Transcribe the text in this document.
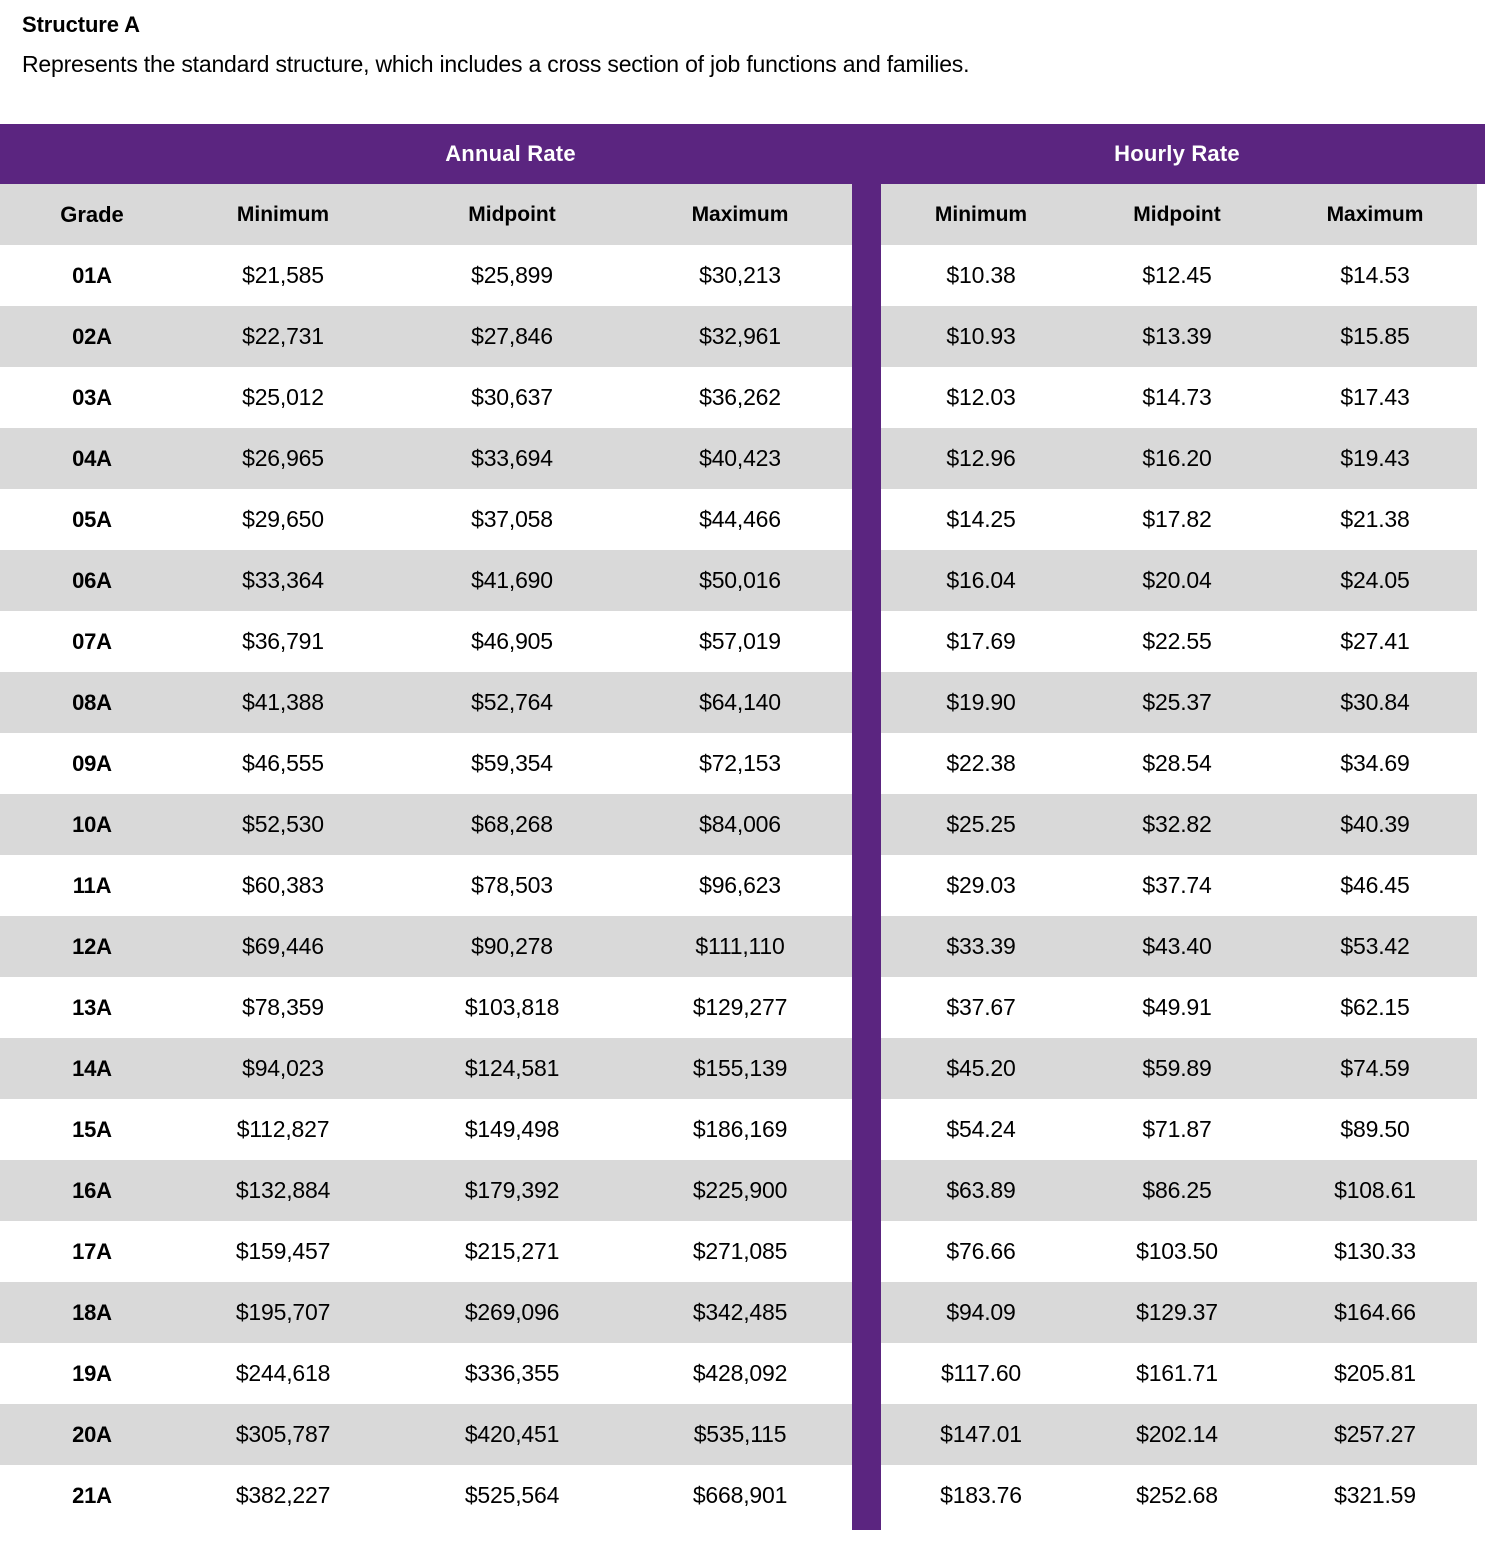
Structure A
Represents the standard structure, which includes a cross section of job functions and families.
Annual Rate	Hourly Rate
Grade	Minimum	Midpoint	Maximum	Minimum	Midpoint	Maximum
01A	$21,585	$25,899	$30,213	$10.38	$12.45	$14.53
02A	$22,731	$27,846	$32,961	$10.93	$13.39	$15.85
03A	$25,012	$30,637	$36,262	$12.03	$14.73	$17.43
04A	$26,965	$33,694	$40,423	$12.96	$16.20	$19.43
05A	$29,650	$37,058	$44,466	$14.25	$17.82	$21.38
06A	$33,364	$41,690	$50,016	$16.04	$20.04	$24.05
07A	$36,791	$46,905	$57,019	$17.69	$22.55	$27.41
08A	$41,388	$52,764	$64,140	$19.90	$25.37	$30.84
09A	$46,555	$59,354	$72,153	$22.38	$28.54	$34.69
10A	$52,530	$68,268	$84,006	$25.25	$32.82	$40.39
11A	$60,383	$78,503	$96,623	$29.03	$37.74	$46.45
12A	$69,446	$90,278	$111,110	$33.39	$43.40	$53.42
13A	$78,359	$103,818	$129,277	$37.67	$49.91	$62.15
14A	$94,023	$124,581	$155,139	$45.20	$59.89	$74.59
15A	$112,827	$149,498	$186,169	$54.24	$71.87	$89.50
16A	$132,884	$179,392	$225,900	$63.89	$86.25	$108.61
17A	$159,457	$215,271	$271,085	$76.66	$103.50	$130.33
18A	$195,707	$269,096	$342,485	$94.09	$129.37	$164.66
19A	$244,618	$336,355	$428,092	$117.60	$161.71	$205.81
20A	$305,787	$420,451	$535,115	$147.01	$202.14	$257.27
21A	$382,227	$525,564	$668,901	$183.76	$252.68	$321.59
